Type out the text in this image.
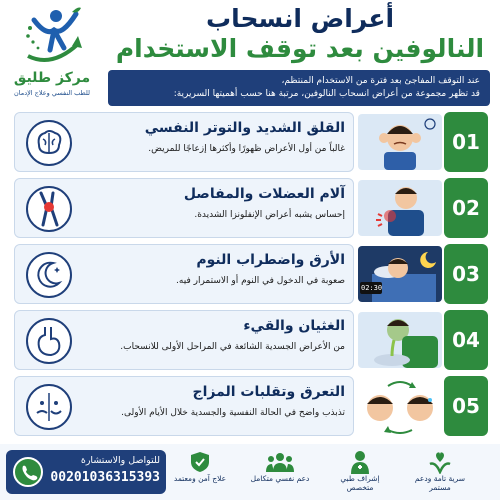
مركز طليق
للطب النفسي وعلاج الإدمان
أعراض انسحاب
النالوفين بعد توقف الاستخدام
عند التوقف المفاجئ بعد فترة من الاستخدام المنتظم،
قد تظهر مجموعة من أعراض انسحاب النالوفين، مرتبة هنا حسب أهميتها السريرية:
القلق الشديد والتوتر النفسي
غالباً من أول الأعراض ظهورًا وأكثرها إزعاجًا للمريض.	01
آلام العضلات والمفاصل
إحساس يشبه أعراض الإنفلونزا الشديدة.	02
الأرق واضطراب النوم
صعوبة في الدخول في النوم أو الاستمرار فيه.
02:30
03
الغثيان والقيء
من الأعراض الجسدية الشائعة في المراحل الأولى للانسحاب.	04
التعرق وتقلبات المزاج
تذبذب واضح في الحالة النفسية والجسدية خلال الأيام الأولى.	05
للتواصل والاستشارة
00201036315393	علاج آمن ومعتمد	دعم نفسي متكامل	إشراف طبي متخصص
سرية تامة ودعم مستمر
